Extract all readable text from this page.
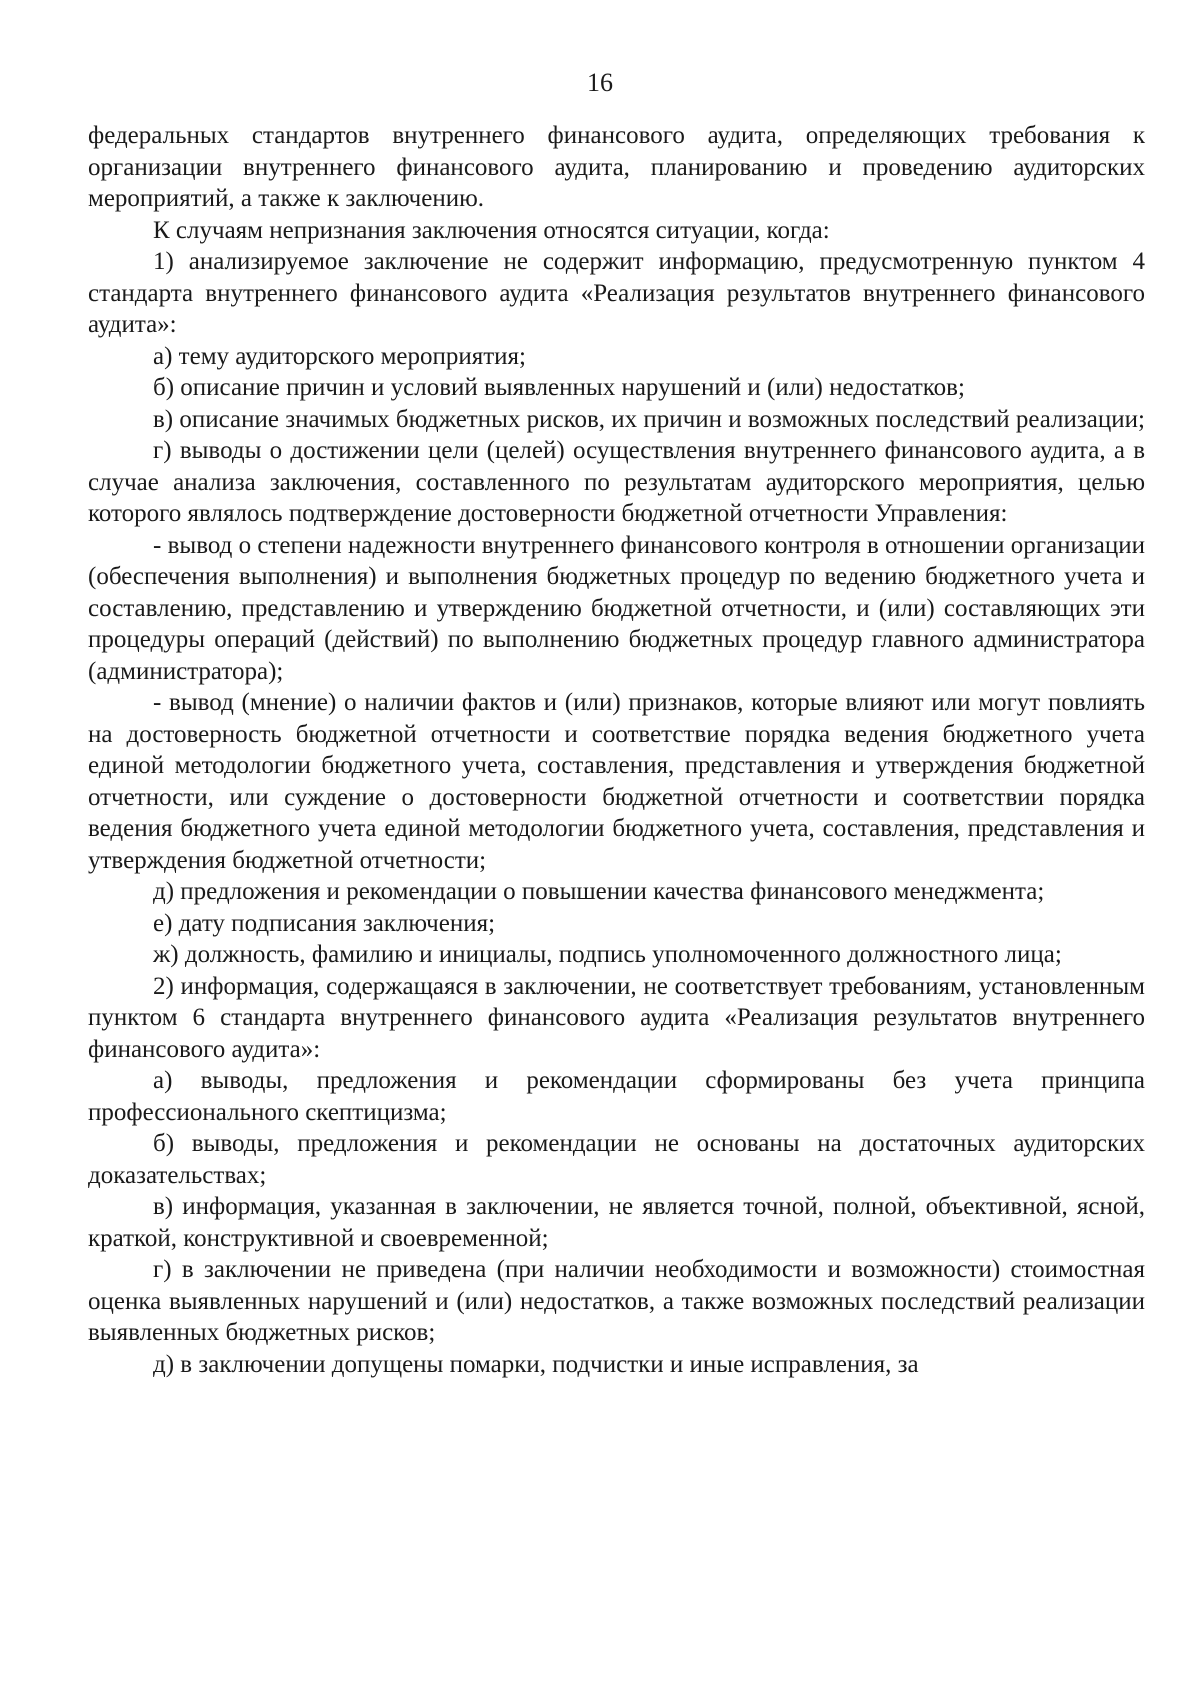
16

федеральных стандартов внутреннего финансового аудита, определяющих требования к организации внутреннего финансового аудита, планированию и проведению аудиторских мероприятий, а также к заключению.

К случаям непризнания заключения относятся ситуации, когда:

1) анализируемое заключение не содержит информацию, предусмотренную пунктом 4 стандарта внутреннего финансового аудита «Реализация результатов внутреннего финансового аудита»:

а) тему аудиторского мероприятия;

б) описание причин и условий выявленных нарушений и (или) недостатков;

в) описание значимых бюджетных рисков, их причин и возможных последствий реализации;

г) выводы о достижении цели (целей) осуществления внутреннего финансового аудита, а в случае анализа заключения, составленного по результатам аудиторского мероприятия, целью которого являлось подтверждение достоверности бюджетной отчетности Управления:

- вывод о степени надежности внутреннего финансового контроля в отношении организации (обеспечения выполнения) и выполнения бюджетных процедур по ведению бюджетного учета и составлению, представлению и утверждению бюджетной отчетности, и (или) составляющих эти процедуры операций (действий) по выполнению бюджетных процедур главного администратора (администратора);

- вывод (мнение) о наличии фактов и (или) признаков, которые влияют или могут повлиять на достоверность бюджетной отчетности и соответствие порядка ведения бюджетного учета единой методологии бюджетного учета, составления, представления и утверждения бюджетной отчетности, или суждение о достоверности бюджетной отчетности и соответствии порядка ведения бюджетного учета единой методологии бюджетного учета, составления, представления и утверждения бюджетной отчетности;

д) предложения и рекомендации о повышении качества финансового менеджмента;

е) дату подписания заключения;

ж) должность, фамилию и инициалы, подпись уполномоченного должностного лица;

2) информация, содержащаяся в заключении, не соответствует требованиям, установленным пунктом 6 стандарта внутреннего финансового аудита «Реализация результатов внутреннего финансового аудита»:

а) выводы, предложения и рекомендации сформированы без учета принципа профессионального скептицизма;

б) выводы, предложения и рекомендации не основаны на достаточных аудиторских доказательствах;

в) информация, указанная в заключении, не является точной, полной, объективной, ясной, краткой, конструктивной и своевременной;

г) в заключении не приведена (при наличии необходимости и возможности) стоимостная оценка выявленных нарушений и (или) недостатков, а также возможных последствий реализации выявленных бюджетных рисков;

д) в заключении допущены помарки, подчистки и иные исправления, за
